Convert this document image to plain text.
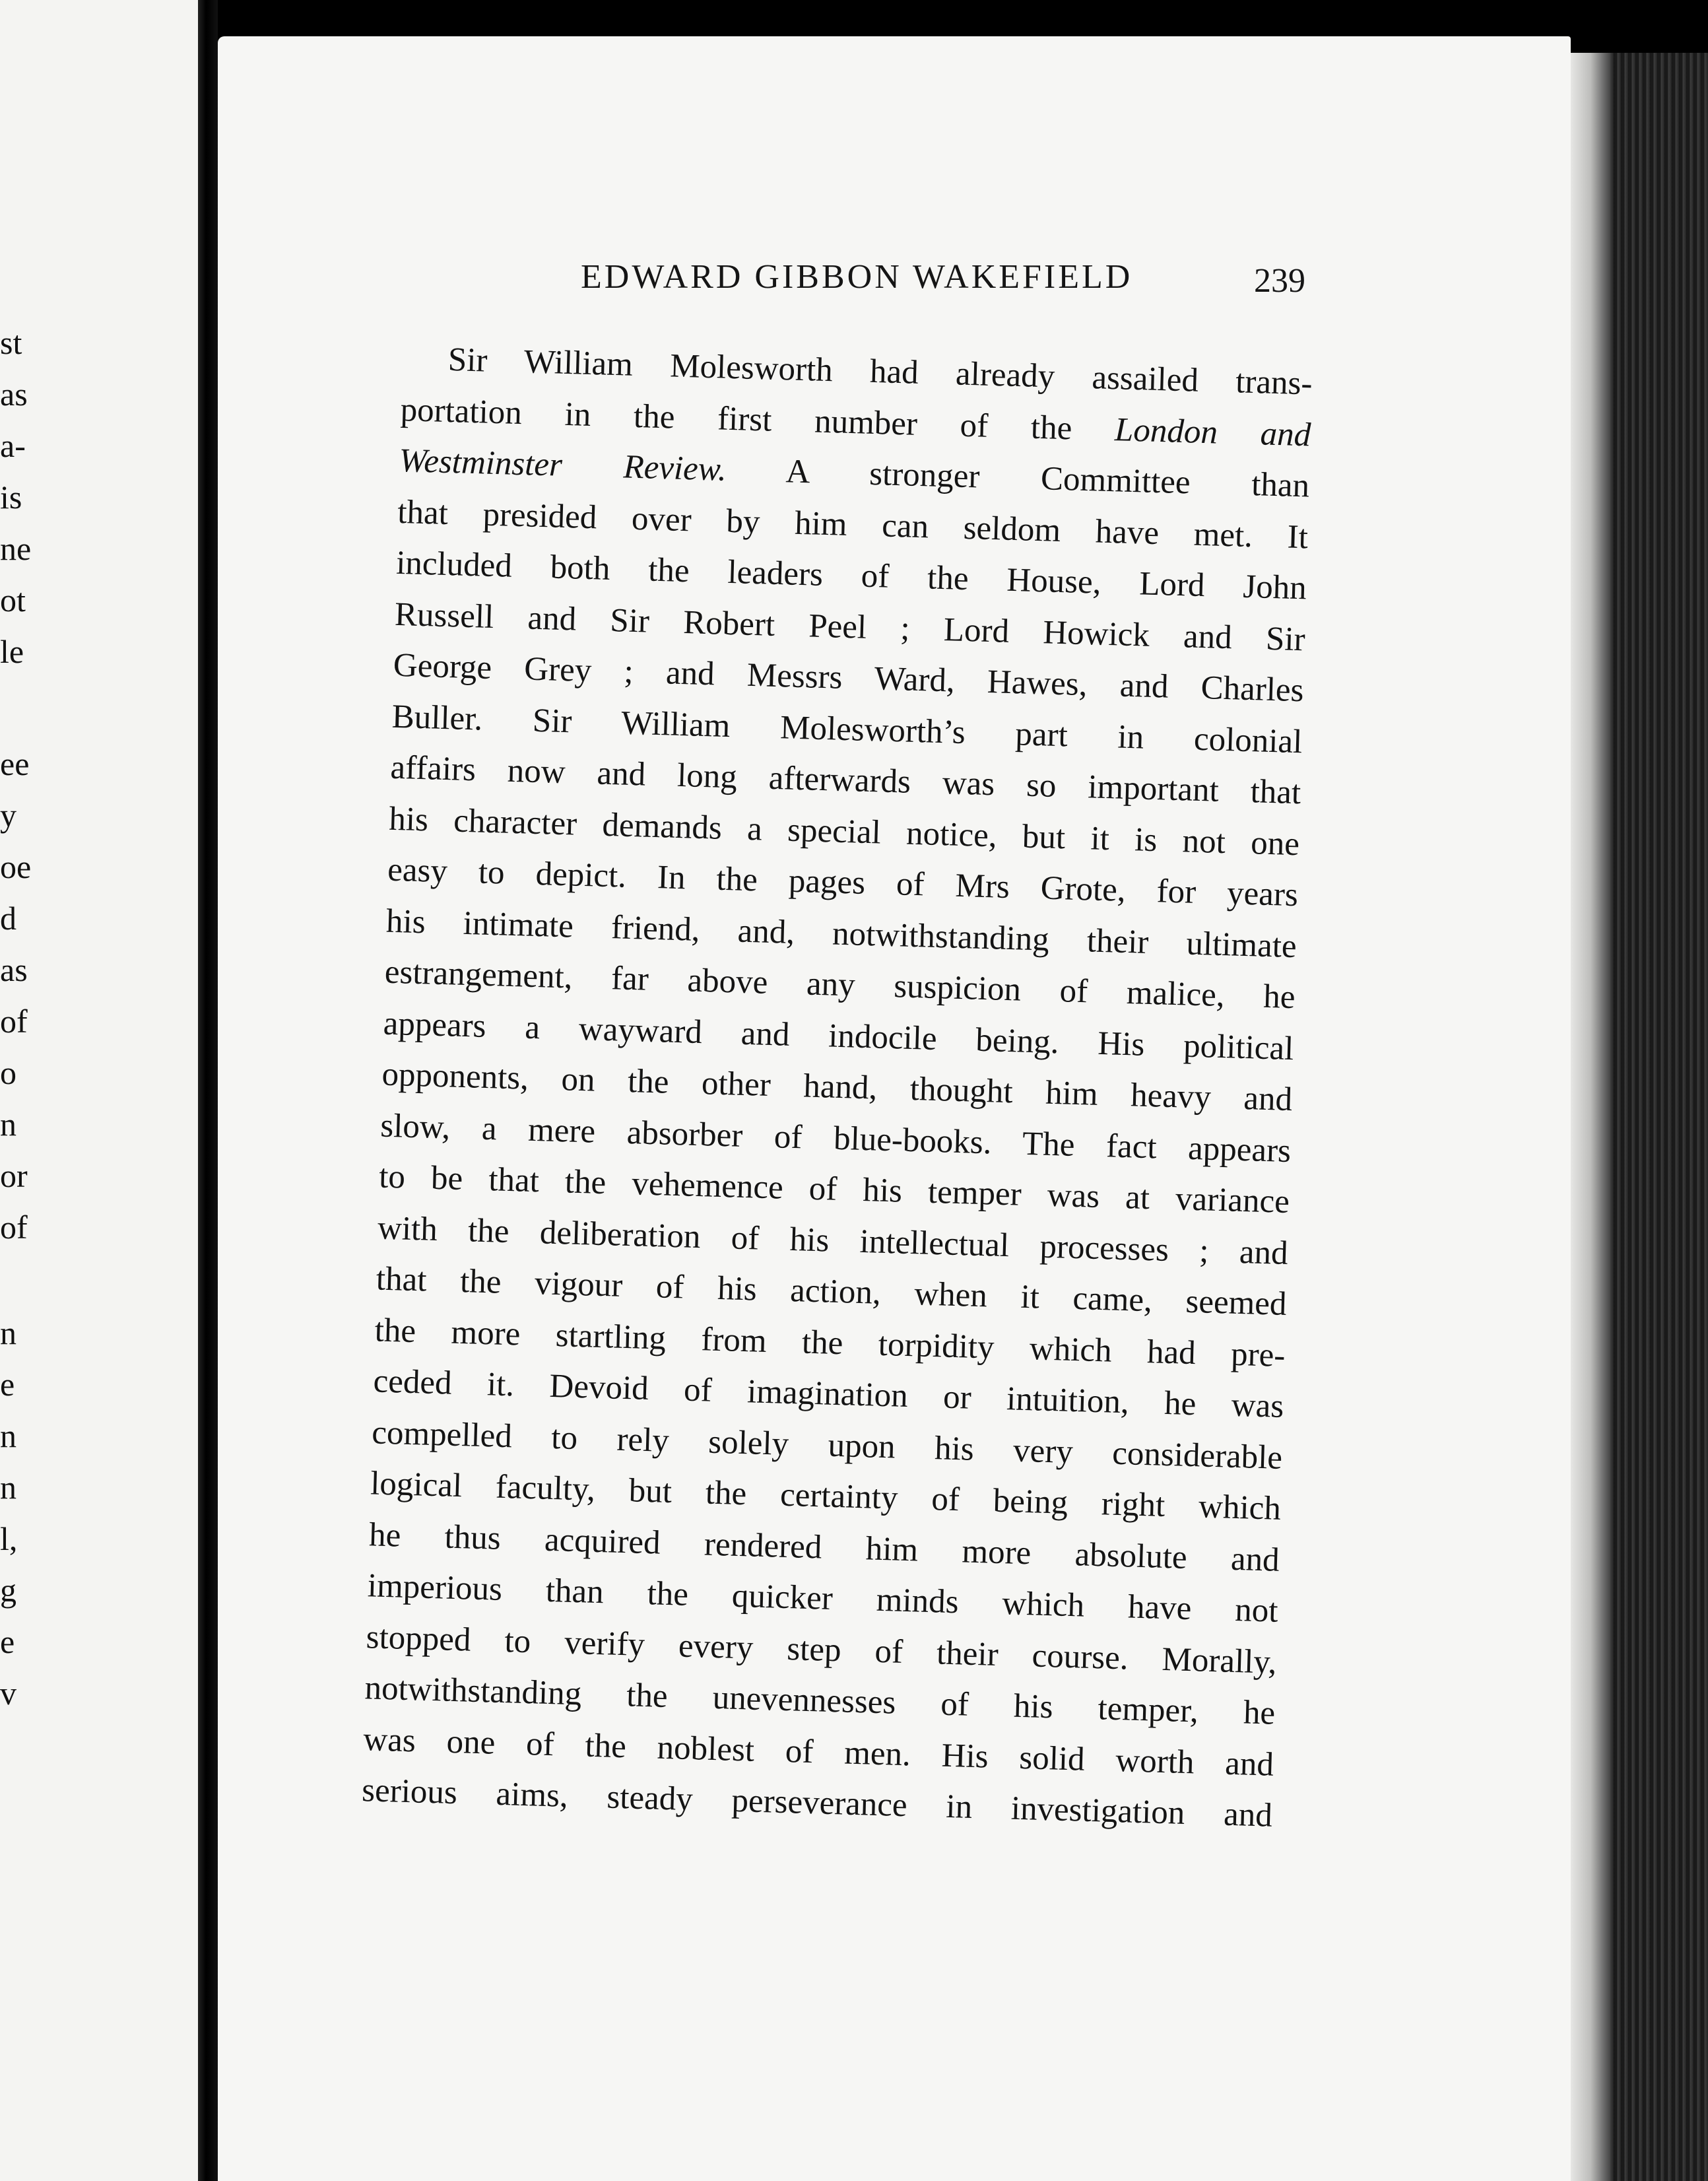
st
as
a-
is
ne
ot
le
ee
y
oe
d
as
of
o
n
or
of
n
e
n
n
l,
g
e
v
EDWARD GIBBON WAKEFIELD	239
Sir William Molesworth had already assailed trans-
portation in the first number of the London and
Westminster Review. A stronger Committee than
that presided over by him can seldom have met. It
included both the leaders of the House, Lord John
Russell and Sir Robert Peel ; Lord Howick and Sir
George Grey ; and Messrs Ward, Hawes, and Charles
Buller. Sir William Molesworth’s part in colonial
affairs now and long afterwards was so important that
his character demands a special notice, but it is not one
easy to depict. In the pages of Mrs Grote, for years
his intimate friend, and, notwithstanding their ultimate
estrangement, far above any suspicion of malice, he
appears a wayward and indocile being. His political
opponents, on the other hand, thought him heavy and
slow, a mere absorber of blue-books. The fact appears
to be that the vehemence of his temper was at variance
with the deliberation of his intellectual processes ; and
that the vigour of his action, when it came, seemed
the more startling from the torpidity which had pre-
ceded it. Devoid of imagination or intuition, he was
compelled to rely solely upon his very considerable
logical faculty, but the certainty of being right which
he thus acquired rendered him more absolute and
imperious than the quicker minds which have not
stopped to verify every step of their course. Morally,
notwithstanding the unevennesses of his temper, he
was one of the noblest of men. His solid worth and
serious aims, steady perseverance in investigation and
